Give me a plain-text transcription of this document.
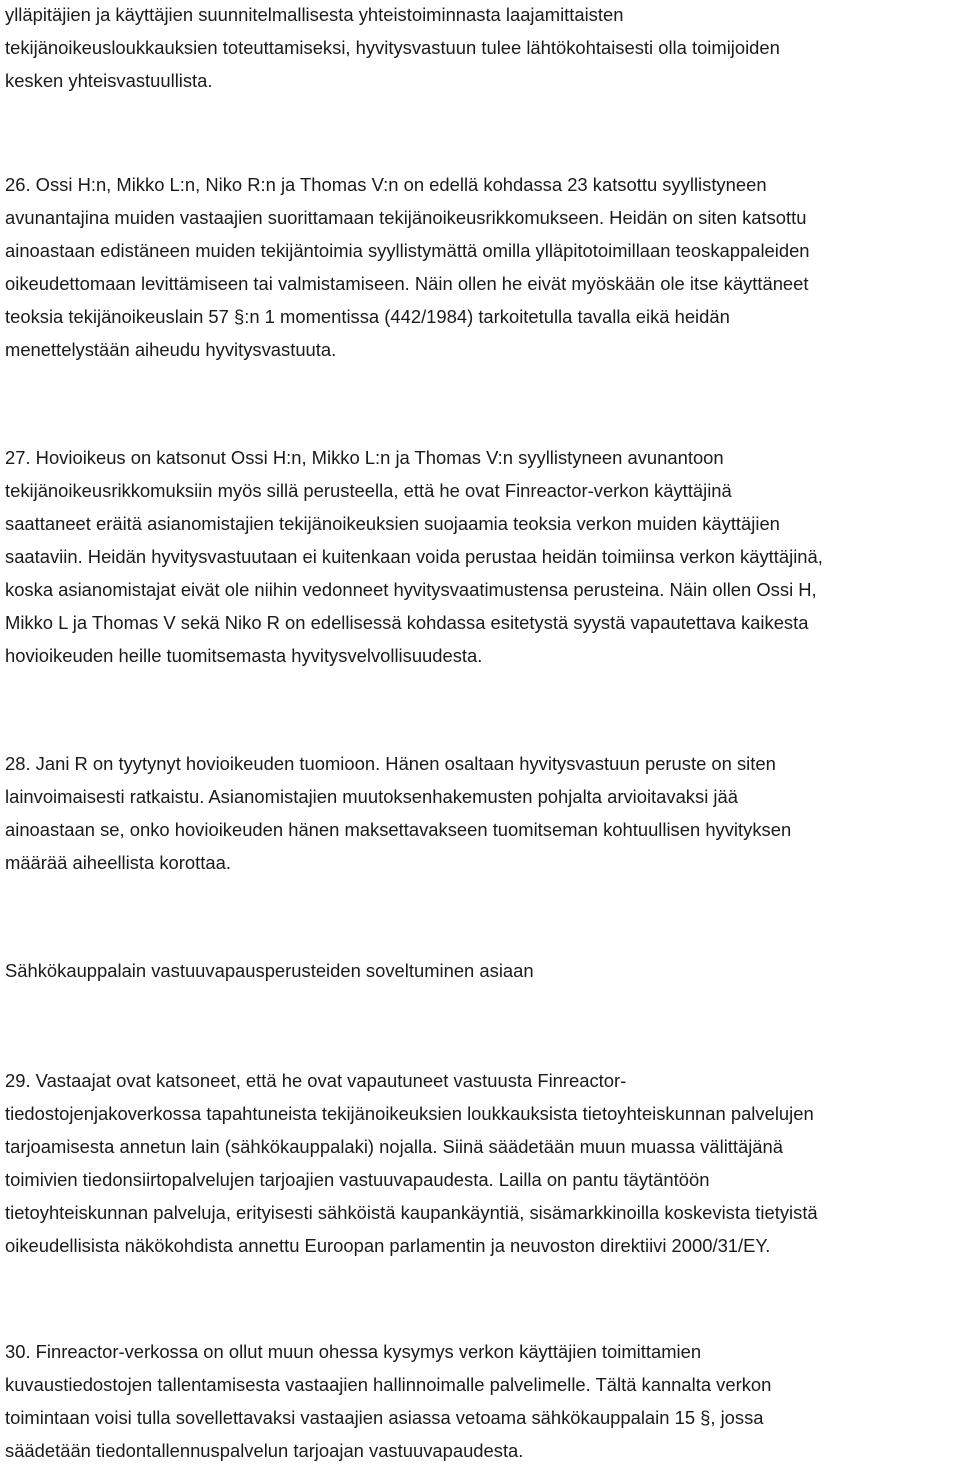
ylläpitäjien ja käyttäjien suunnitelmallisesta yhteistoiminnasta laajamittaisten
tekijänoikeusloukkauksien toteuttamiseksi, hyvitysvastuun tulee lähtökohtaisesti olla toimijoiden
kesken yhteisvastuullista.
26. Ossi H:n, Mikko L:n, Niko R:n ja Thomas V:n on edellä kohdassa 23 katsottu syyllistyneen
avunantajina muiden vastaajien suorittamaan tekijänoikeusrikkomukseen. Heidän on siten katsottu
ainoastaan edistäneen muiden tekijäntoimia syyllistymättä omilla ylläpitotoimillaan teoskappaleiden
oikeudettomaan levittämiseen tai valmistamiseen. Näin ollen he eivät myöskään ole itse käyttäneet
teoksia tekijänoikeuslain 57 §:n 1 momentissa (442/1984) tarkoitetulla tavalla eikä heidän
menettelystään aiheudu hyvitysvastuuta.
27. Hovioikeus on katsonut Ossi H:n, Mikko L:n ja Thomas V:n syyllistyneen avunantoon
tekijänoikeusrikkomuksiin myös sillä perusteella, että he ovat Finreactor-verkon käyttäjinä
saattaneet eräitä asianomistajien tekijänoikeuksien suojaamia teoksia verkon muiden käyttäjien
saataviin. Heidän hyvitysvastuutaan ei kuitenkaan voida perustaa heidän toimiinsa verkon käyttäjinä,
koska asianomistajat eivät ole niihin vedonneet hyvitysvaatimustensa perusteina. Näin ollen Ossi H,
Mikko L ja Thomas V sekä Niko R on edellisessä kohdassa esitetystä syystä vapautettava kaikesta
hovioikeuden heille tuomitsemasta hyvitysvelvollisuudesta.
28. Jani R on tyytynyt hovioikeuden tuomioon. Hänen osaltaan hyvitysvastuun peruste on siten
lainvoimaisesti ratkaistu. Asianomistajien muutoksenhakemusten pohjalta arvioitavaksi jää
ainoastaan se, onko hovioikeuden hänen maksettavakseen tuomitseman kohtuullisen hyvityksen
määrää aiheellista korottaa.
Sähkökauppalain vastuuvapausperusteiden soveltuminen asiaan
29. Vastaajat ovat katsoneet, että he ovat vapautuneet vastuusta Finreactor-
tiedostojenjakoverkossa tapahtuneista tekijänoikeuksien loukkauksista tietoyhteiskunnan palvelujen
tarjoamisesta annetun lain (sähkökauppalaki) nojalla. Siinä säädetään muun muassa välittäjänä
toimivien tiedonsiirtopalvelujen tarjoajien vastuuvapaudesta. Lailla on pantu täytäntöön
tietoyhteiskunnan palveluja, erityisesti sähköistä kaupankäyntiä, sisämarkkinoilla koskevista tietyistä
oikeudellisista näkökohdista annettu Euroopan parlamentin ja neuvoston direktiivi 2000/31/EY.
30. Finreactor-verkossa on ollut muun ohessa kysymys verkon käyttäjien toimittamien
kuvaustiedostojen tallentamisesta vastaajien hallinnoimalle palvelimelle. Tältä kannalta verkon
toimintaan voisi tulla sovellettavaksi vastaajien asiassa vetoama sähkökauppalain 15 §, jossa
säädetään tiedontallennuspalvelun tarjoajan vastuuvapaudesta.
